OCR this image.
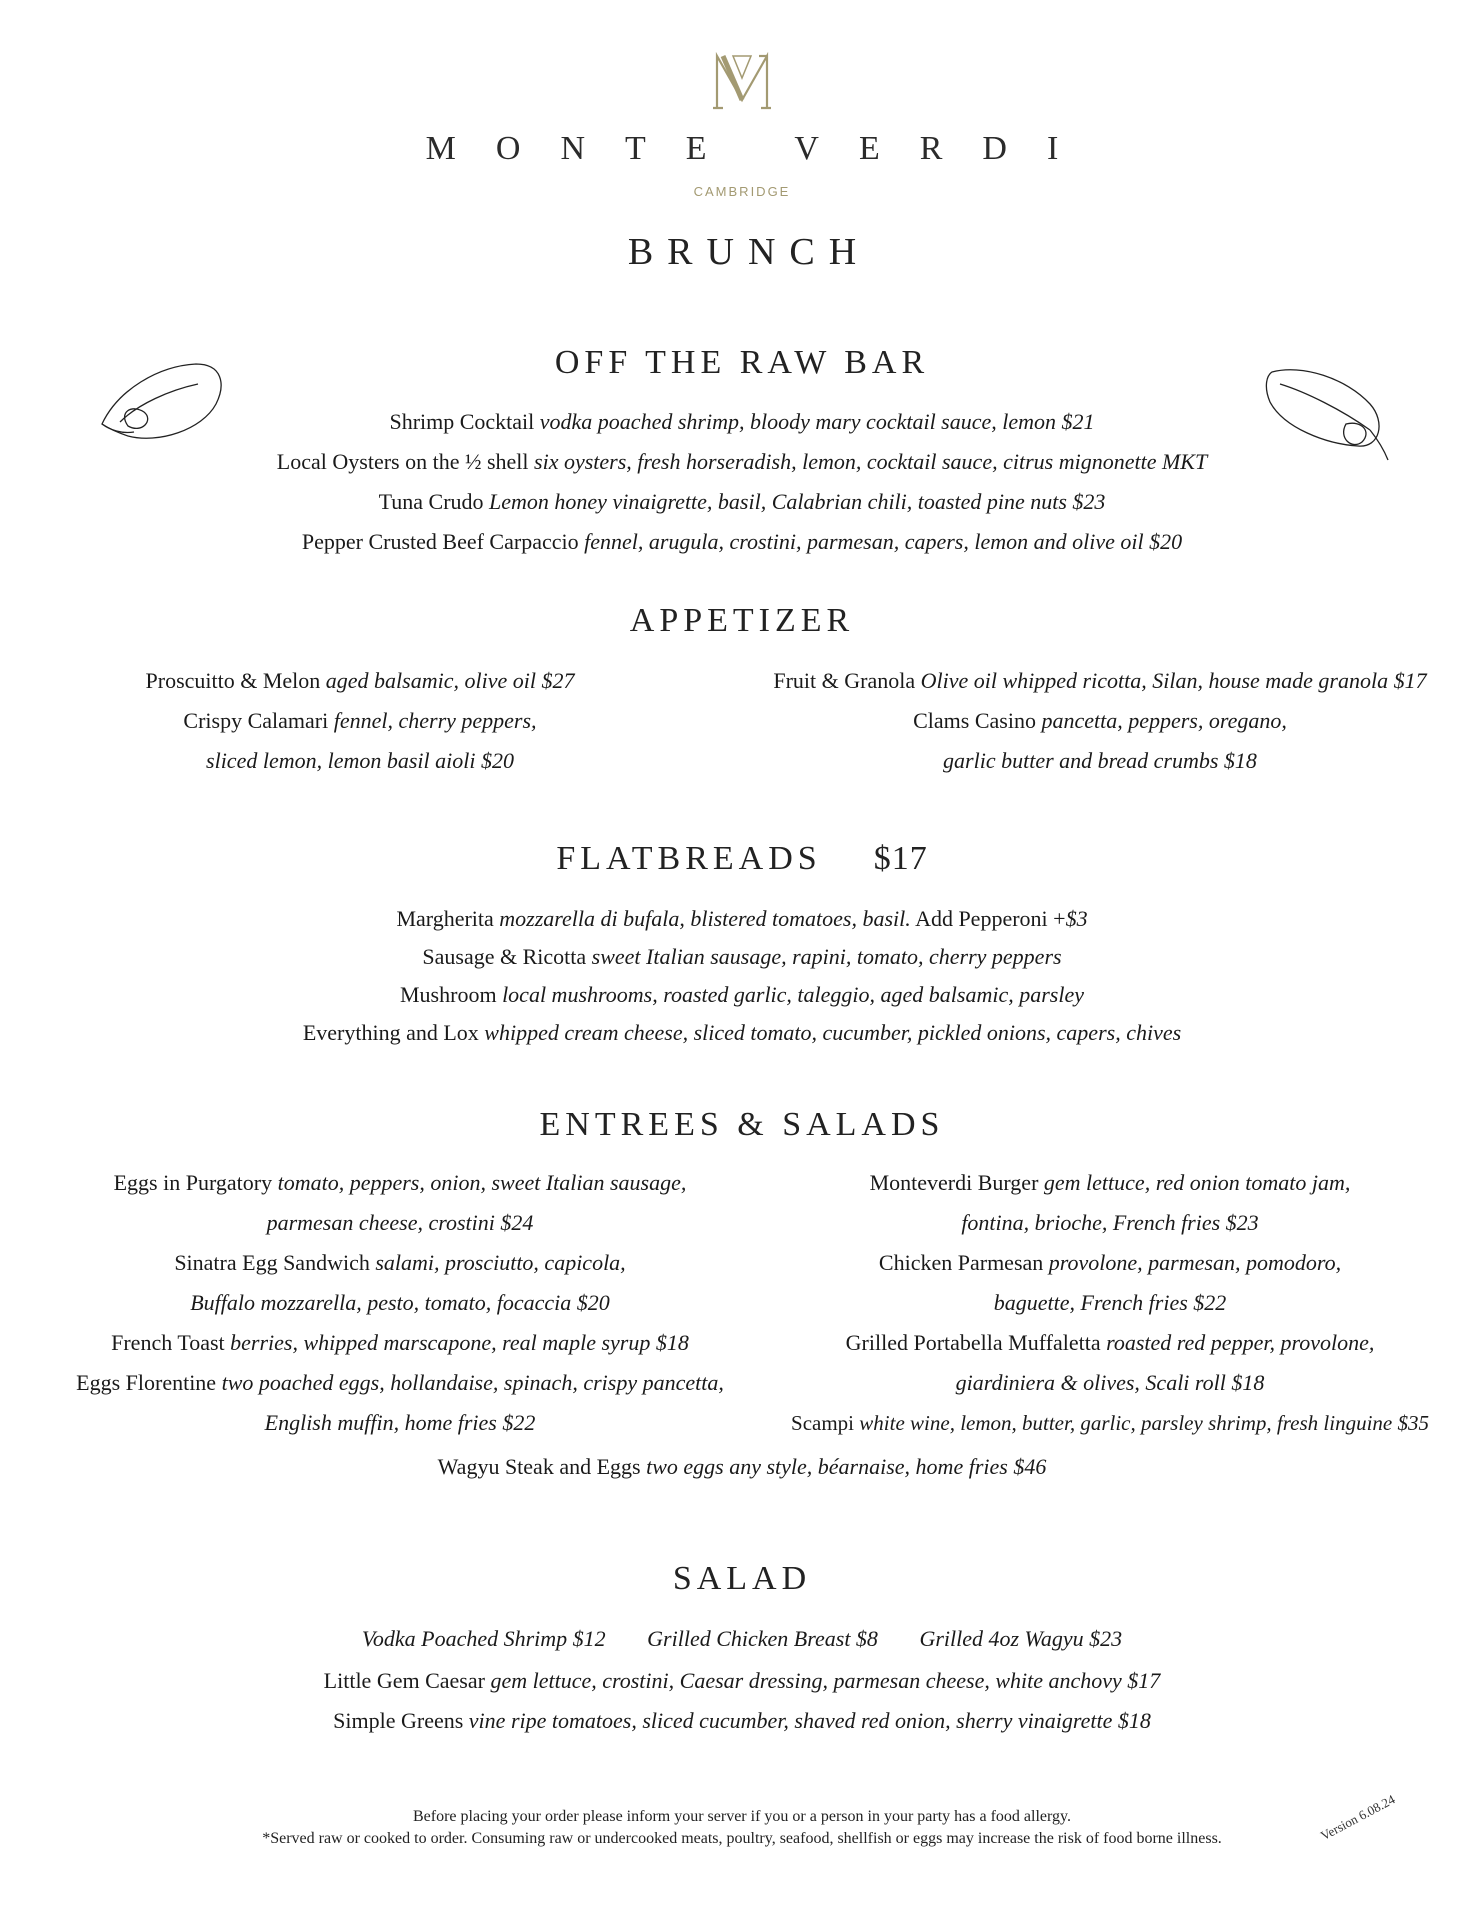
MONTE VERDI
CAMBRIDGE
BRUNCH
OFF THE RAW BAR
Shrimp Cocktail vodka poached shrimp, bloody mary cocktail sauce, lemon $21
Local Oysters on the ½ shell six oysters, fresh horseradish, lemon, cocktail sauce, citrus mignonette MKT
Tuna Crudo Lemon honey vinaigrette, basil, Calabrian chili, toasted pine nuts $23
Pepper Crusted Beef Carpaccio fennel, arugula, crostini, parmesan, capers, lemon and olive oil $20
APPETIZER
Proscuitto & Melon aged balsamic, olive oil $27
Crispy Calamari fennel, cherry peppers,
sliced lemon, lemon basil aioli $20
Fruit & Granola Olive oil whipped ricotta, Silan, house made granola $17
Clams Casino pancetta, peppers, oregano,
garlic butter and bread crumbs $18
FLATBREADS $17
Margherita mozzarella di bufala, blistered tomatoes, basil. Add Pepperoni +$3
Sausage & Ricotta sweet Italian sausage, rapini, tomato, cherry peppers
Mushroom local mushrooms, roasted garlic, taleggio, aged balsamic, parsley
Everything and Lox whipped cream cheese, sliced tomato, cucumber, pickled onions, capers, chives
ENTREES & SALADS
Eggs in Purgatory tomato, peppers, onion, sweet Italian sausage,
parmesan cheese, crostini $24
Sinatra Egg Sandwich salami, prosciutto, capicola,
Buffalo mozzarella, pesto, tomato, focaccia $20
French Toast berries, whipped marscapone, real maple syrup $18
Eggs Florentine two poached eggs, hollandaise, spinach, crispy pancetta,
English muffin, home fries $22
Monteverdi Burger gem lettuce, red onion tomato jam,
fontina, brioche, French fries $23
Chicken Parmesan provolone, parmesan, pomodoro,
baguette, French fries $22
Grilled Portabella Muffaletta roasted red pepper, provolone,
giardiniera & olives, Scali roll $18
Scampi white wine, lemon, butter, garlic, parsley shrimp, fresh linguine $35
Wagyu Steak and Eggs two eggs any style, béarnaise, home fries $46
SALAD
Vodka Poached Shrimp $12 Grilled Chicken Breast $8 Grilled 4oz Wagyu $23
Little Gem Caesar gem lettuce, crostini, Caesar dressing, parmesan cheese, white anchovy $17
Simple Greens vine ripe tomatoes, sliced cucumber, shaved red onion, sherry vinaigrette $18
Before placing your order please inform your server if you or a person in your party has a food allergy.
*Served raw or cooked to order. Consuming raw or undercooked meats, poultry, seafood, shellfish or eggs may increase the risk of food borne illness.	Version 6.08.24
